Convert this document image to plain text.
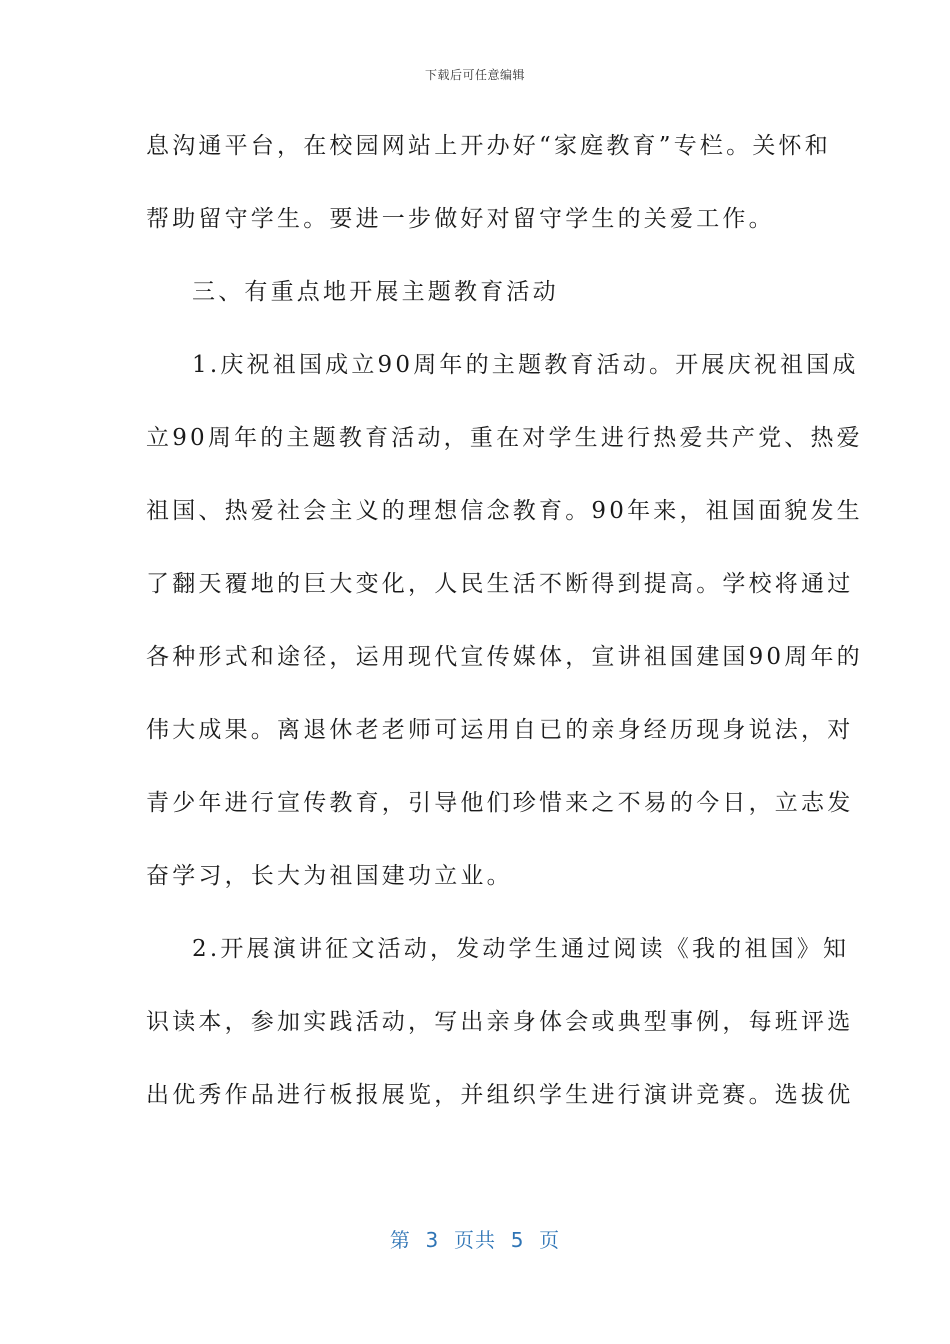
下载后可任意编辑
息沟通平台，在校园网站上开办好“家庭教育”专栏。关怀和
帮助留守学生。要进一步做好对留守学生的关爱工作。
三、有重点地开展主题教育活动
1.庆祝祖国成立90周年的主题教育活动。开展庆祝祖国成
立90周年的主题教育活动，重在对学生进行热爱共产党、热爱
祖国、热爱社会主义的理想信念教育。90年来，祖国面貌发生
了翻天覆地的巨大变化，人民生活不断得到提高。学校将通过
各种形式和途径，运用现代宣传媒体，宣讲祖国建国90周年的
伟大成果。离退休老老师可运用自已的亲身经历现身说法，对
青少年进行宣传教育，引导他们珍惜来之不易的今日，立志发
奋学习，长大为祖国建功立业。
2.开展演讲征文活动，发动学生通过阅读《我的祖国》知
识读本，参加实践活动，写出亲身体会或典型事例，每班评选
出优秀作品进行板报展览，并组织学生进行演讲竞赛。选拔优
第  3  页共  5  页
